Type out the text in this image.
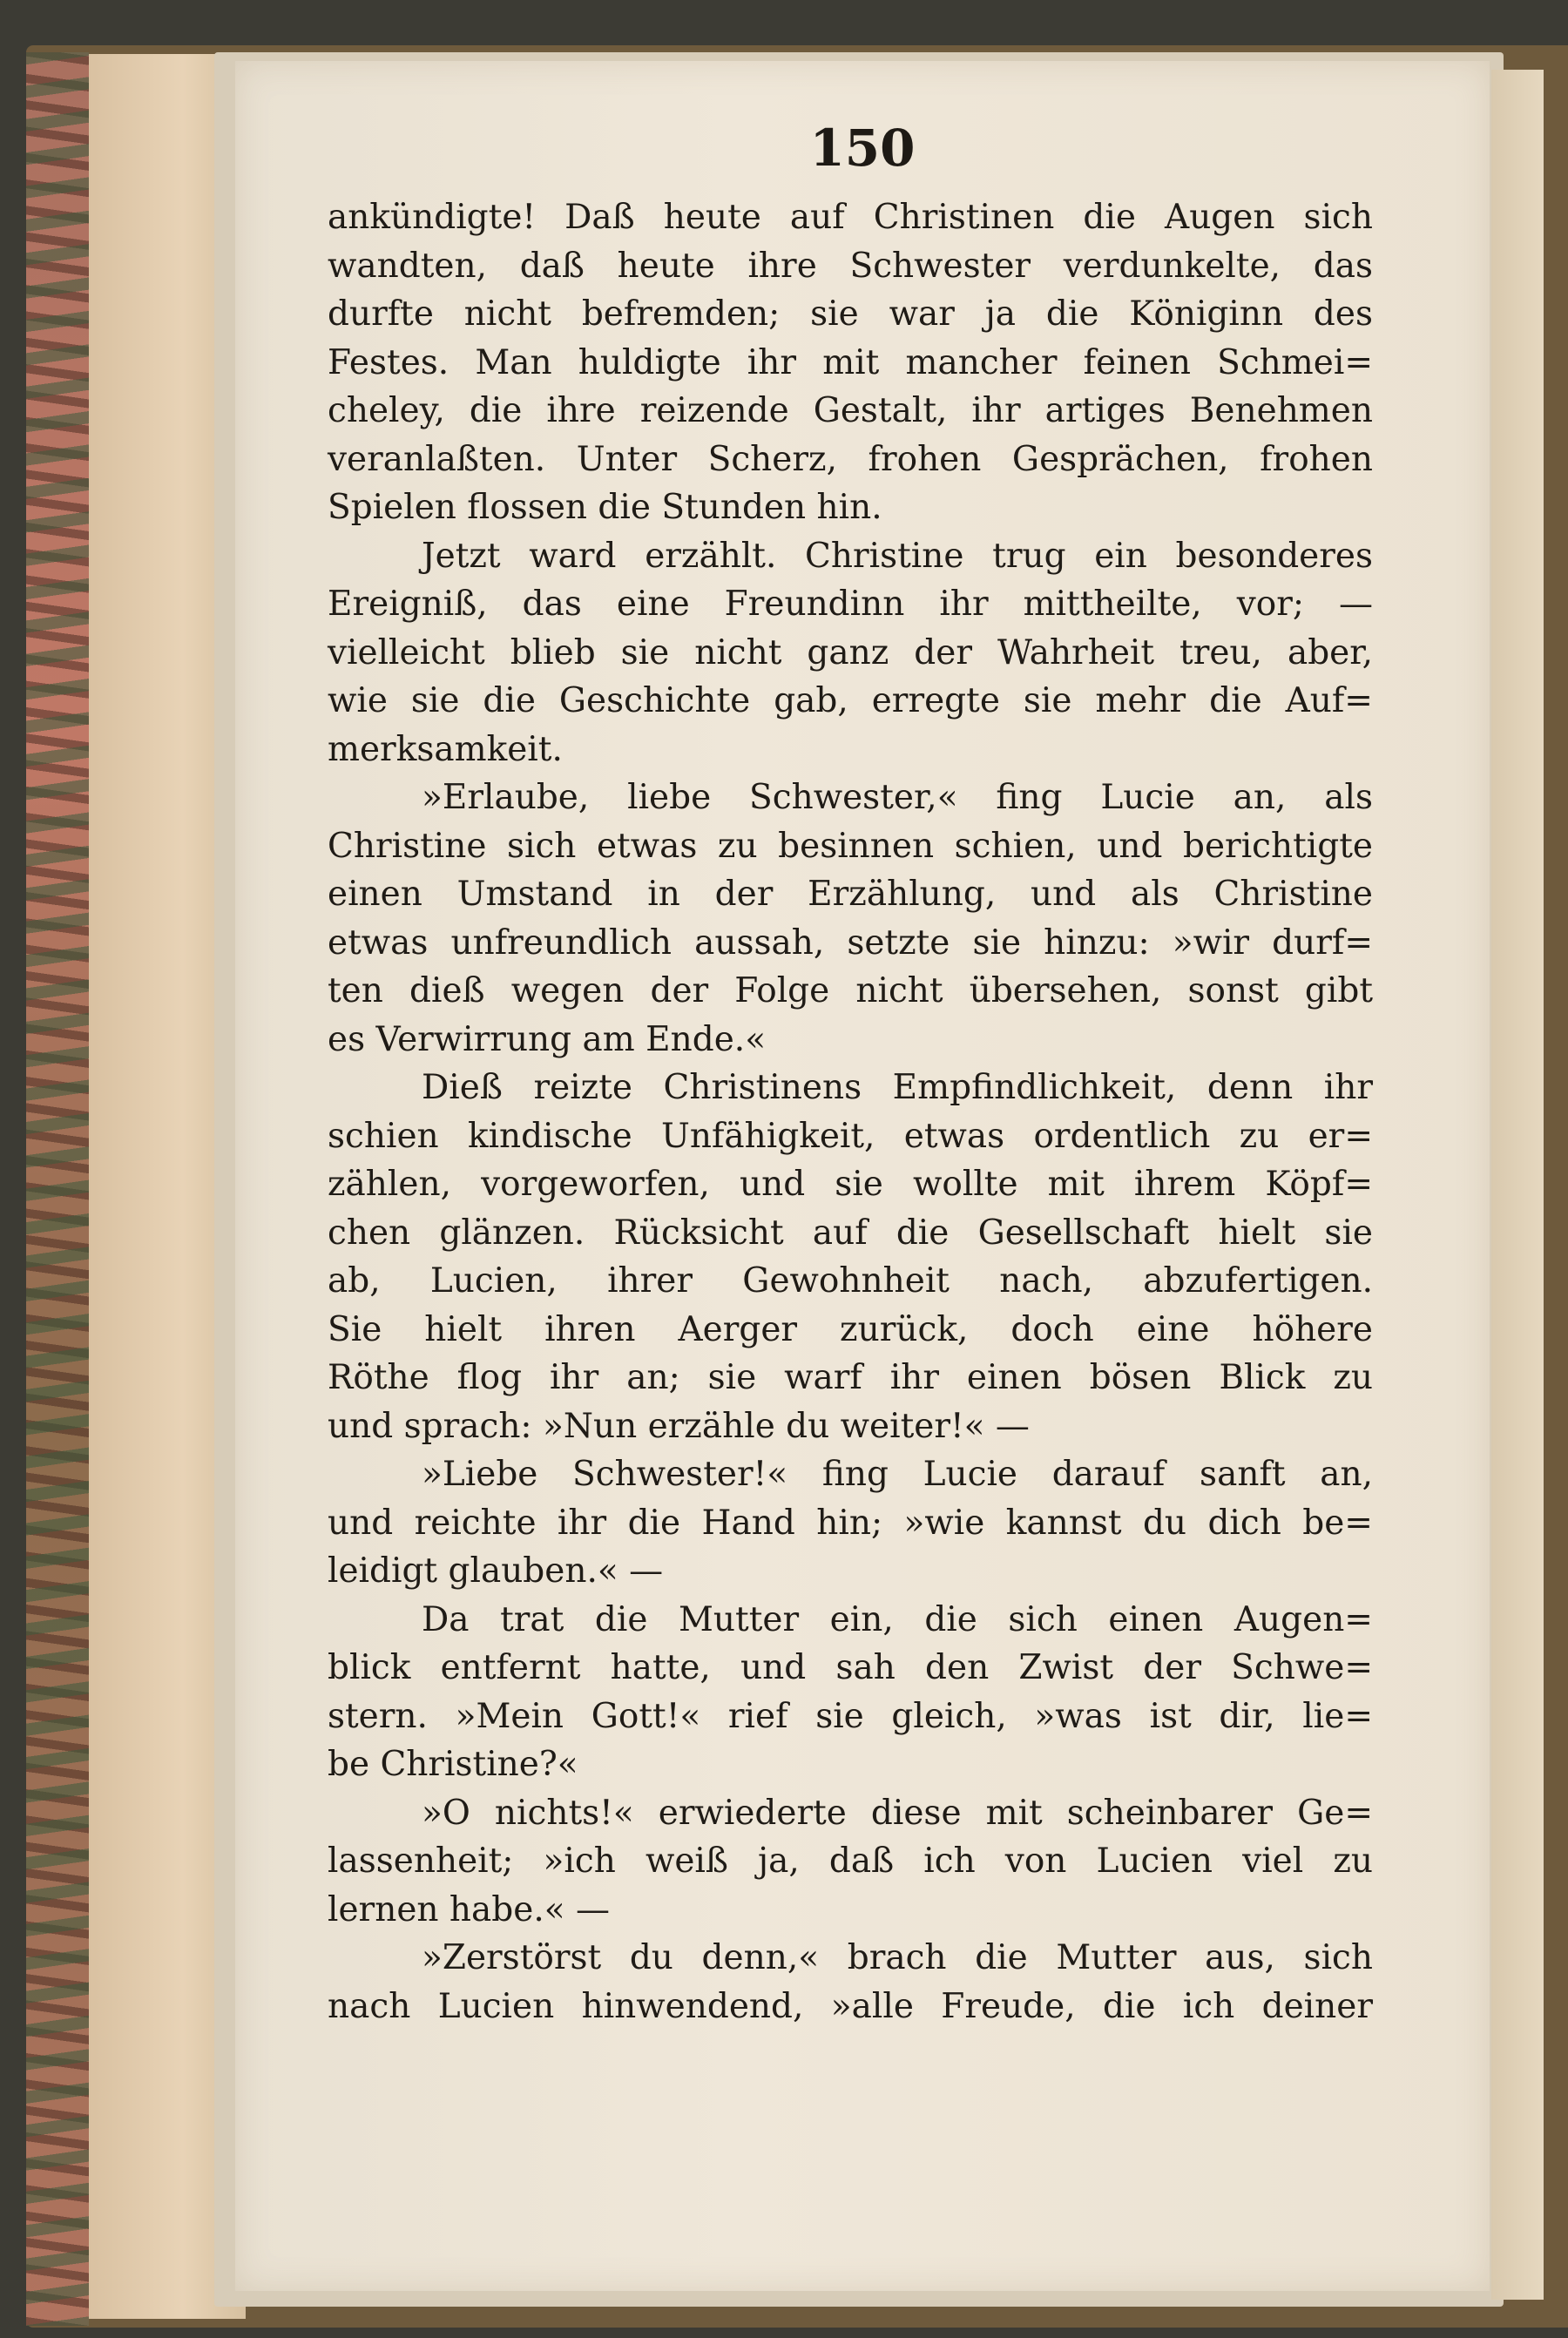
150
ankündigte! Daß heute auf Christinen die Augen sich
wandten, daß heute ihre Schwester verdunkelte, das
durfte nicht befremden; sie war ja die Königinn des
Festes. Man huldigte ihr mit mancher feinen Schmei=
cheley, die ihre reizende Gestalt, ihr artiges Benehmen
veranlaßten. Unter Scherz, frohen Gesprächen, frohen
Spielen flossen die Stunden hin.
Jetzt ward erzählt. Christine trug ein besonderes
Ereigniß, das eine Freundinn ihr mittheilte, vor; —
vielleicht blieb sie nicht ganz der Wahrheit treu, aber,
wie sie die Geschichte gab, erregte sie mehr die Auf=
merksamkeit.
»Erlaube, liebe Schwester,« fing Lucie an, als
Christine sich etwas zu besinnen schien, und berichtigte
einen Umstand in der Erzählung, und als Christine
etwas unfreundlich aussah, setzte sie hinzu: »wir durf=
ten dieß wegen der Folge nicht übersehen, sonst gibt
es Verwirrung am Ende.«
Dieß reizte Christinens Empfindlichkeit, denn ihr
schien kindische Unfähigkeit, etwas ordentlich zu er=
zählen, vorgeworfen, und sie wollte mit ihrem Köpf=
chen glänzen. Rücksicht auf die Gesellschaft hielt sie
ab, Lucien, ihrer Gewohnheit nach, abzufertigen.
Sie hielt ihren Aerger zurück, doch eine höhere
Röthe flog ihr an; sie warf ihr einen bösen Blick zu
und sprach: »Nun erzähle du weiter!« —
»Liebe Schwester!« fing Lucie darauf sanft an,
und reichte ihr die Hand hin; »wie kannst du dich be=
leidigt glauben.« —
Da trat die Mutter ein, die sich einen Augen=
blick entfernt hatte, und sah den Zwist der Schwe=
stern. »Mein Gott!« rief sie gleich, »was ist dir, lie=
be Christine?«
»O nichts!« erwiederte diese mit scheinbarer Ge=
lassenheit; »ich weiß ja, daß ich von Lucien viel zu
lernen habe.« —
»Zerstörst du denn,« brach die Mutter aus, sich
nach Lucien hinwendend, »alle Freude, die ich deiner
